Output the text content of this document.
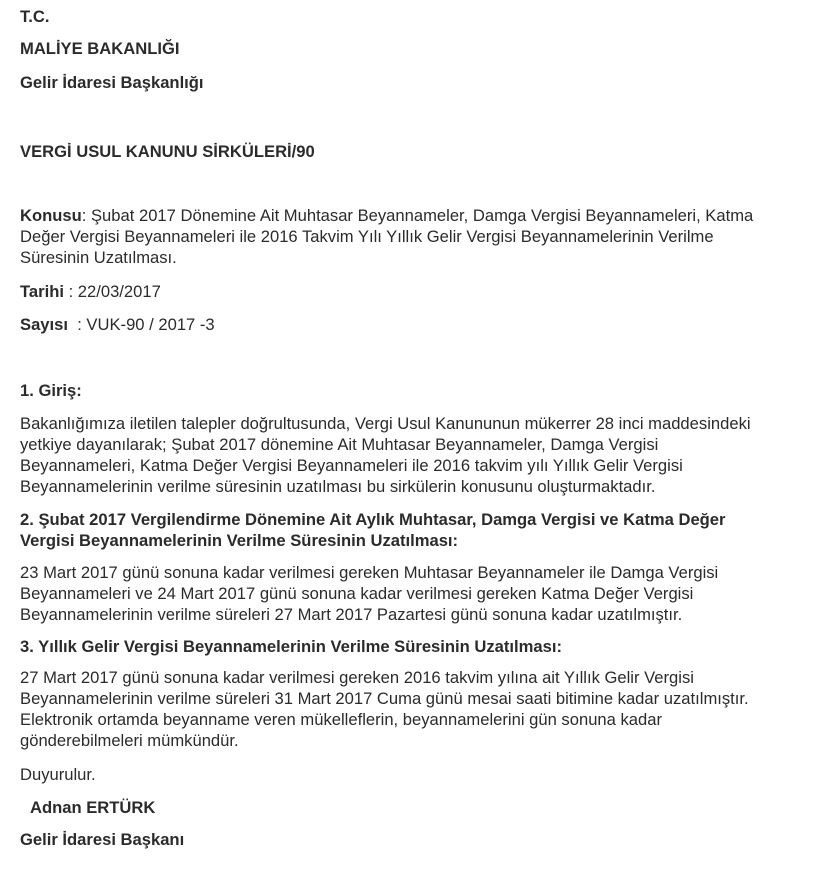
T.C.
MALİYE BAKANLIĞI
Gelir İdaresi Başkanlığı
VERGİ USUL KANUNU SİRKÜLERİ/90
Konusu: Şubat 2017 Dönemine Ait Muhtasar Beyannameler, Damga Vergisi Beyannameleri, Katma
Değer Vergisi Beyannameleri ile 2016 Takvim Yılı Yıllık Gelir Vergisi Beyannamelerinin Verilme
Süresinin Uzatılması.
Tarihi : 22/03/2017
Sayısı  : VUK-90 / 2017 -3
1. Giriş:
Bakanlığımıza iletilen talepler doğrultusunda, Vergi Usul Kanununun mükerrer 28 inci maddesindeki
yetkiye dayanılarak; Şubat 2017 dönemine Ait Muhtasar Beyannameler, Damga Vergisi
Beyannameleri, Katma Değer Vergisi Beyannameleri ile 2016 takvim yılı Yıllık Gelir Vergisi
Beyannamelerinin verilme süresinin uzatılması bu sirkülerin konusunu oluşturmaktadır.
2. Şubat 2017 Vergilendirme Dönemine Ait Aylık Muhtasar, Damga Vergisi ve Katma Değer
Vergisi Beyannamelerinin Verilme Süresinin Uzatılması:
23 Mart 2017 günü sonuna kadar verilmesi gereken Muhtasar Beyannameler ile Damga Vergisi
Beyannameleri ve 24 Mart 2017 günü sonuna kadar verilmesi gereken Katma Değer Vergisi
Beyannamelerinin verilme süreleri 27 Mart 2017 Pazartesi günü sonuna kadar uzatılmıştır.
3. Yıllık Gelir Vergisi Beyannamelerinin Verilme Süresinin Uzatılması:
27 Mart 2017 günü sonuna kadar verilmesi gereken 2016 takvim yılına ait Yıllık Gelir Vergisi
Beyannamelerinin verilme süreleri 31 Mart 2017 Cuma günü mesai saati bitimine kadar uzatılmıştır.
Elektronik ortamda beyanname veren mükelleflerin, beyannamelerini gün sonuna kadar
gönderebilmeleri mümkündür.
Duyurulur.
Adnan ERTÜRK
Gelir İdaresi Başkanı
